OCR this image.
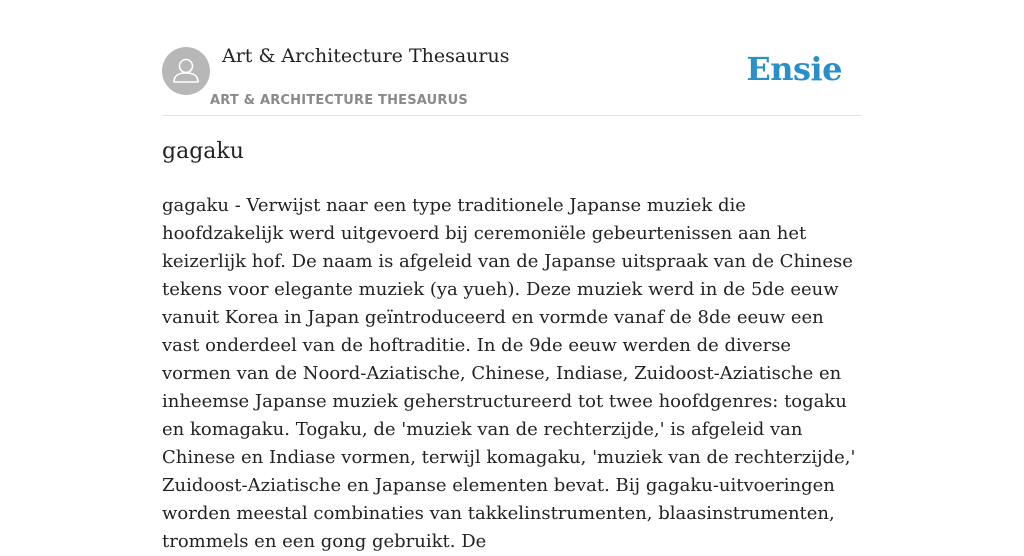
Art & Architecture Thesaurus
ART & ARCHITECTURE THESAURUS
Ensie
gagaku

gagaku - Verwijst naar een type traditionele Japanse muziek die hoofdzakelijk werd uitgevoerd bij ceremoniële gebeurtenissen aan het keizerlijk hof. De naam is afgeleid van de Japanse uitspraak van de Chinese tekens voor elegante muziek (ya yueh). Deze muziek werd in de 5de eeuw vanuit Korea in Japan geïntroduceerd en vormde vanaf de 8de eeuw een vast onderdeel van de hoftraditie. In de 9de eeuw werden de diverse vormen van de Noord-Aziatische, Chinese, Indiase, Zuidoost-Aziatische en inheemse Japanse muziek geherstructureerd tot twee hoofdgenres: togaku en komagaku. Togaku, de 'muziek van de rechterzijde,' is afgeleid van Chinese en Indiase vormen, terwijl komagaku, 'muziek van de rechterzijde,' Zuidoost-Aziatische en Japanse elementen bevat. Bij gagaku-uitvoeringen worden meestal combinaties van takkelinstrumenten, blaasinstrumenten, trommels en een gong gebruikt. De
